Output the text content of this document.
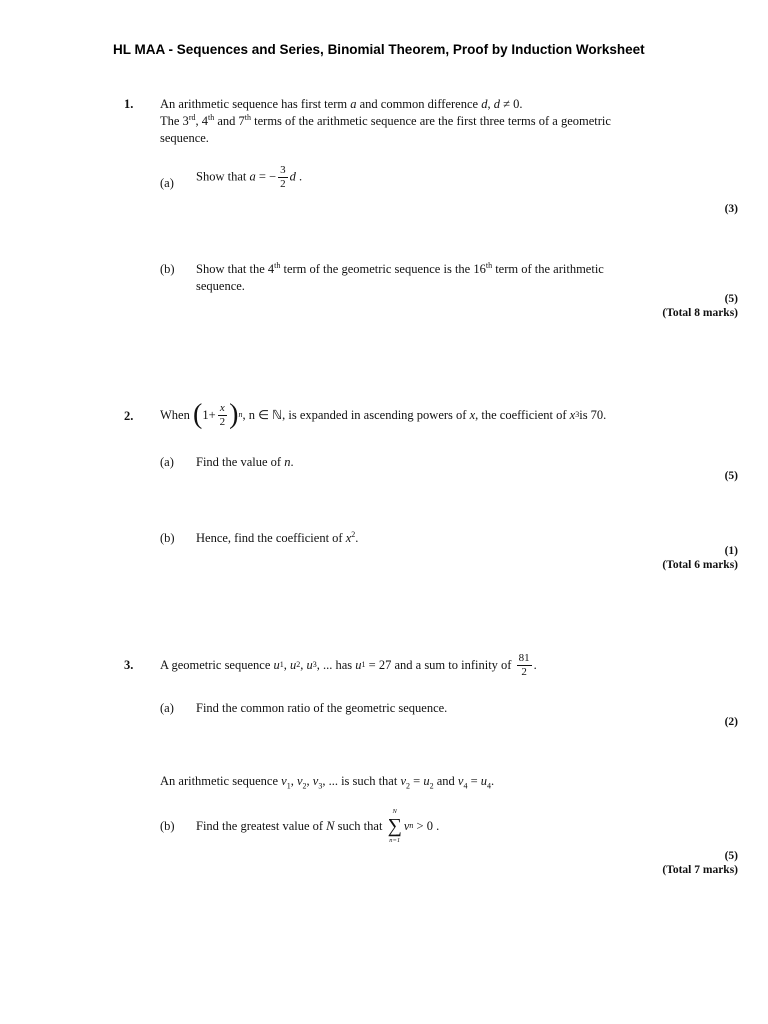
HL MAA - Sequences and Series, Binomial Theorem, Proof by Induction Worksheet
1. An arithmetic sequence has first term a and common difference d, d ≠ 0.
The 3rd, 4th and 7th terms of the arithmetic sequence are the first three terms of a geometric
sequence.
(a) Show that a = − $\frac{3}{2}$ d .
(3)
(b) Show that the 4th term of the geometric sequence is the 16th term of the arithmetic
sequence.
(5)
(Total 8 marks)
2. When
( $1+ \frac{x}{2}$ ) n , n ∈ ℕ, is expanded in ascending powers of
x , the coefficient of
x 3 is 70.
(a) Find the value of n.
(5)
(b) Hence, find the coefficient of $x^2$.
(1)
(Total 6 marks)
3. A geometric sequence
u 1 , u 2 , u 3 , ... has
u 1
= 27 and a sum to infinity of
$\frac{81}{2}$ .
(a) Find the common ratio of the geometric sequence.
(2)
An arithmetic sequence $v_1$, $v_2$, $v_3$, ... is such that $v_2 = u_2$ and $v_4 = u_4$.
(b) Find the greatest value of
N
such that

N
∑
n=1
v n
> 0 .
(5)
(Total 7 marks)
